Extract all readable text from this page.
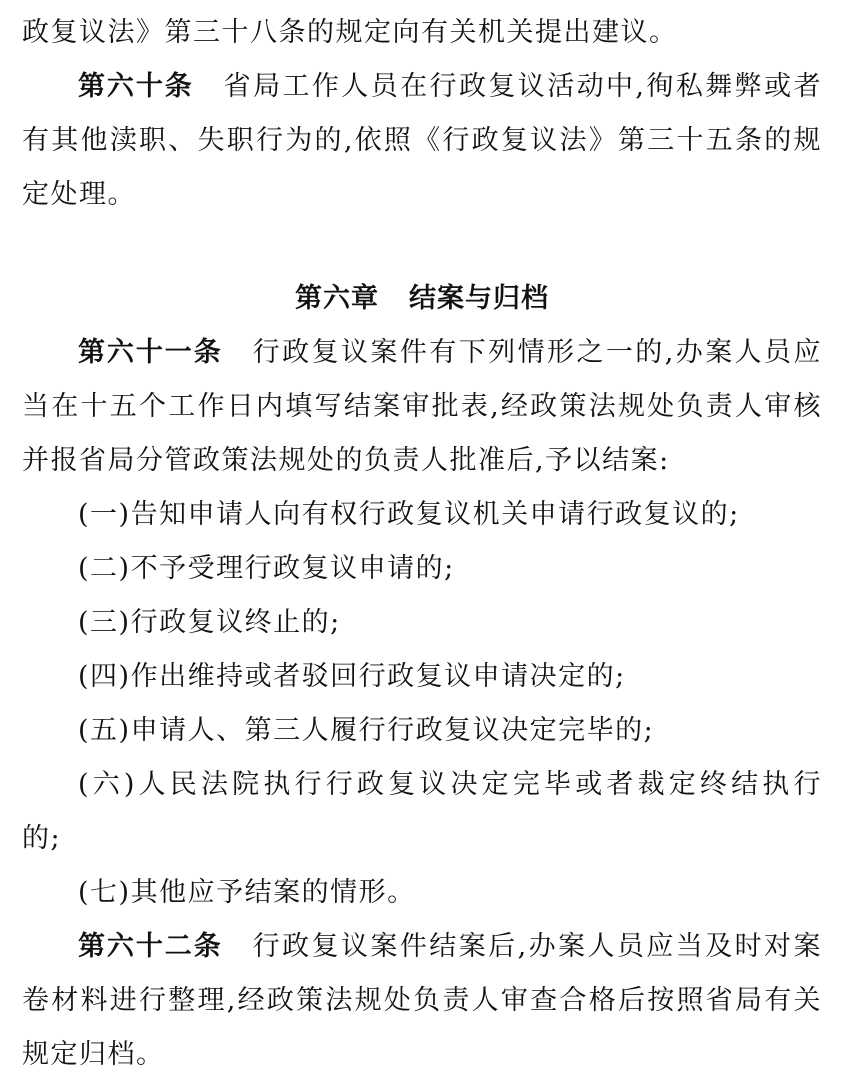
政复议法》第三十八条的规定向有关机关提出建议。
第六十条 省局工作人员在行政复议活动中,徇私舞弊或者
有其他渎职、失职行为的,依照《行政复议法》第三十五条的规
定处理。
第六章 结案与归档
第六十一条 行政复议案件有下列情形之一的,办案人员应
当在十五个工作日内填写结案审批表,经政策法规处负责人审核
并报省局分管政策法规处的负责人批准后,予以结案:
(一)告知申请人向有权行政复议机关申请行政复议的;
(二)不予受理行政复议申请的;
(三)行政复议终止的;
(四)作出维持或者驳回行政复议申请决定的;
(五)申请人、第三人履行行政复议决定完毕的;
(六)人民法院执行行政复议决定完毕或者裁定终结执行
的;
(七)其他应予结案的情形。
第六十二条 行政复议案件结案后,办案人员应当及时对案
卷材料进行整理,经政策法规处负责人审查合格后按照省局有关
规定归档。
